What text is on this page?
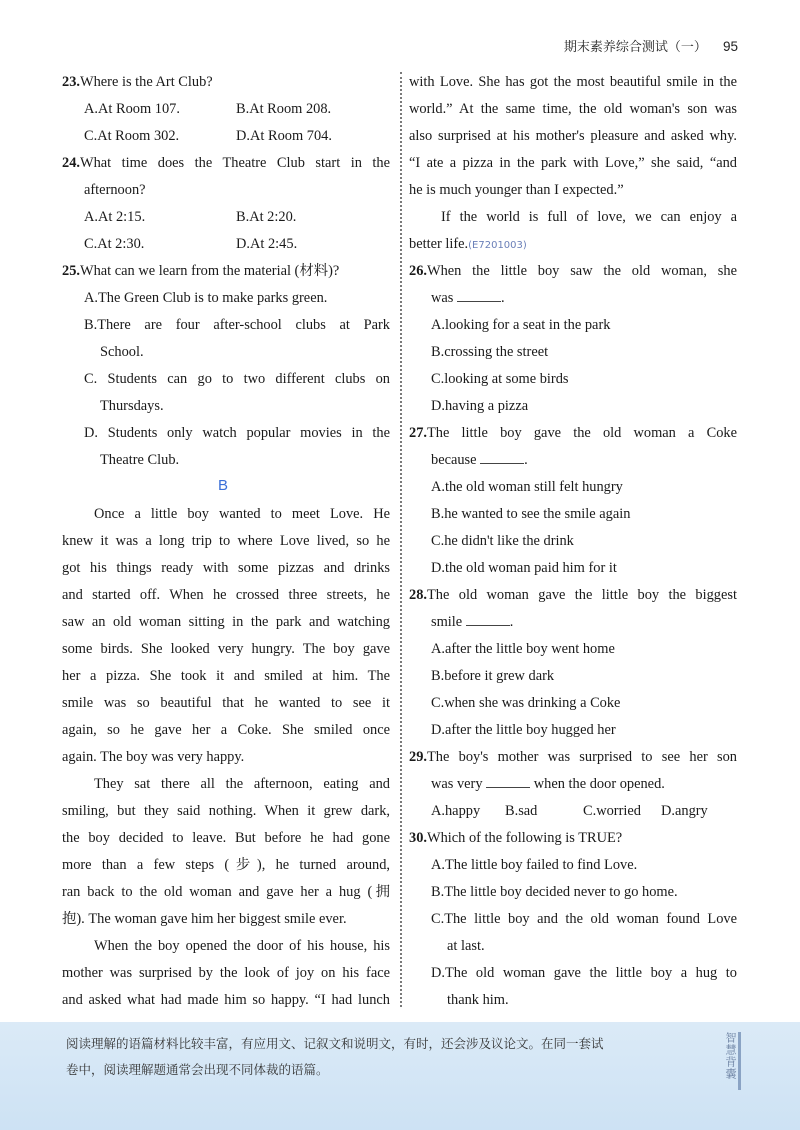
期末素养综合测试（一） 95
23.Where is the Art Club?
A.At Room 107.	B.At Room 208.
C.At Room 302.	D.At Room 704.
24.What time does the Theatre Club start in the
afternoon?
A.At 2:15.	B.At 2:20.
C.At 2:30.	D.At 2:45.
25.What can we learn from the material (材料)?
A.The Green Club is to make parks green.
B.There are four after-school clubs at Park
School.
C. Students can go to two different clubs on
Thursdays.
D. Students only watch popular movies in the
Theatre Club.
B
Once a little boy wanted to meet Love. He
knew it was a long trip to where Love lived, so he
got his things ready with some pizzas and drinks
and started off. When he crossed three streets, he
saw an old woman sitting in the park and watching
some birds. She looked very hungry. The boy gave
her a pizza. She took it and smiled at him. The
smile was so beautiful that he wanted to see it
again, so he gave her a Coke. She smiled once
again. The boy was very happy.
They sat there all the afternoon, eating and
smiling, but they said nothing. When it grew dark,
the boy decided to leave. But before he had gone
more than a few steps (步), he turned around,
ran back to the old woman and gave her a hug (拥
抱). The woman gave him her biggest smile ever.
When the boy opened the door of his house, his
mother was surprised by the look of joy on his face
and asked what had made him so happy. “I had lunch
with Love. She has got the most beautiful smile in the
world.” At the same time, the old woman's son was
also surprised at his mother's pleasure and asked why.
“I ate a pizza in the park with Love,” she said, “and
he is much younger than I expected.”
If the world is full of love, we can enjoy a
better life.(E7201003)
26.When the little boy saw the old woman, she
was	.
A.looking for a seat in the park
B.crossing the street
C.looking at some birds
D.having a pizza
27.The little boy gave the old woman a Coke
because	.
A.the old woman still felt hungry
B.he wanted to see the smile again
C.he didn't like the drink
D.the old woman paid him for it
28.The old woman gave the little boy the biggest
smile	.
A.after the little boy went home
B.before it grew dark
C.when she was drinking a Coke
D.after the little boy hugged her
29.The boy's mother was surprised to see her son
was very	when the door opened.
A.happy B.sad	C.worried D.angry
30.Which of the following is TRUE?
A.The little boy failed to find Love.
B.The little boy decided never to go home.
C.The little boy and the old woman found Love
at last.
D.The old woman gave the little boy a hug to
thank him.
阅读理解的语篇材料比较丰富，有应用文、记叙文和说明文，有时，还会涉及议论文。在同一套试
卷中，阅读理解题通常会出现不同体裁的语篇。	智慧背囊
